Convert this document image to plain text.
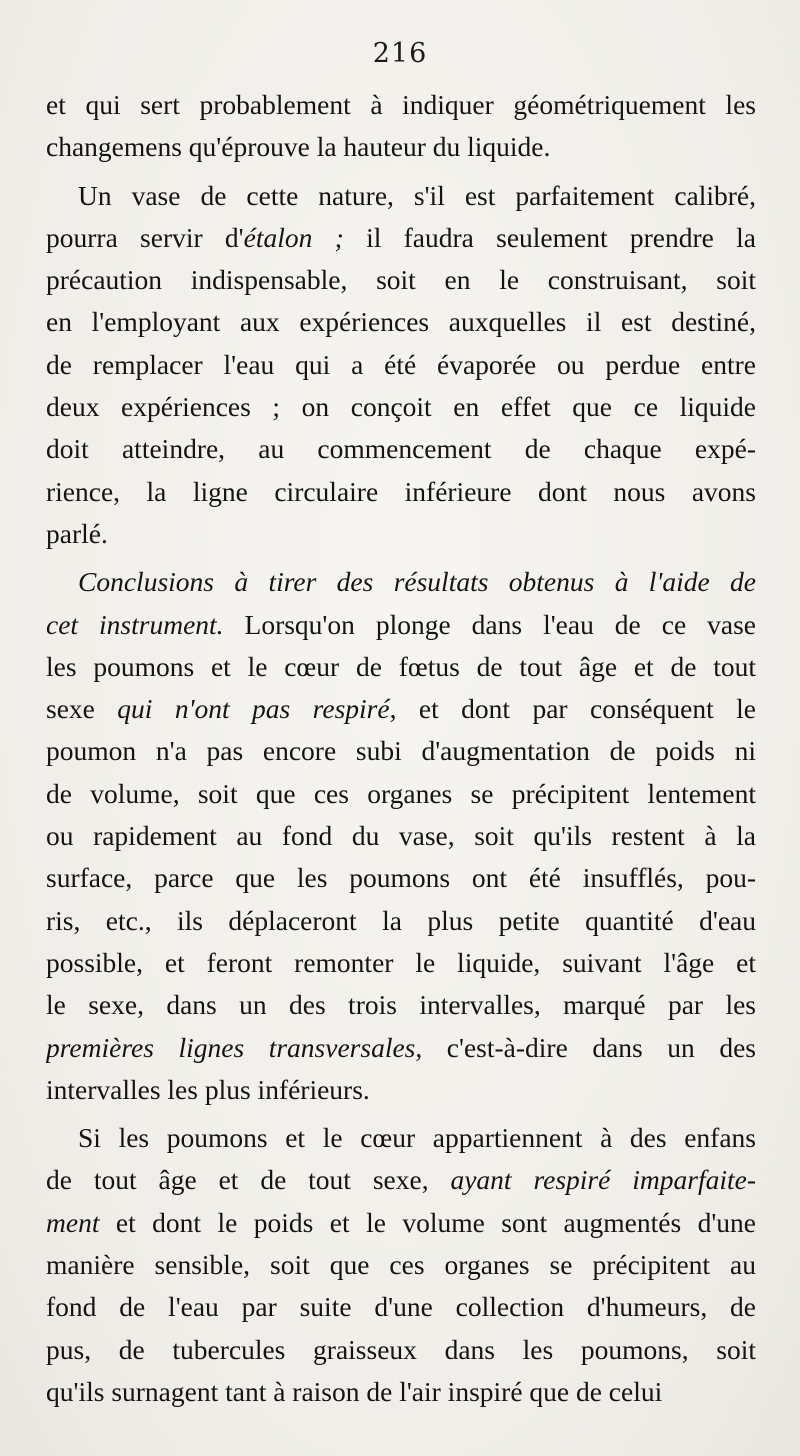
216
et qui sert probablement à indiquer géométriquement les
changemens qu'éprouve la hauteur du liquide.
Un vase de cette nature, s'il est parfaitement calibré,
pourra servir d'étalon ; il faudra seulement prendre la
précaution indispensable, soit en le construisant, soit
en l'employant aux expériences auxquelles il est destiné,
de remplacer l'eau qui a été évaporée ou perdue entre
deux expériences ; on conçoit en effet que ce liquide
doit atteindre, au commencement de chaque expé-
rience, la ligne circulaire inférieure dont nous avons
parlé.
Conclusions à tirer des résultats obtenus à l'aide de
cet instrument. Lorsqu'on plonge dans l'eau de ce vase
les poumons et le cœur de fœtus de tout âge et de tout
sexe qui n'ont pas respiré, et dont par conséquent le
poumon n'a pas encore subi d'augmentation de poids ni
de volume, soit que ces organes se précipitent lentement
ou rapidement au fond du vase, soit qu'ils restent à la
surface, parce que les poumons ont été insufflés, pou-
ris, etc., ils déplaceront la plus petite quantité d'eau
possible, et feront remonter le liquide, suivant l'âge et
le sexe, dans un des trois intervalles, marqué par les
premières lignes transversales, c'est-à-dire dans un des
intervalles les plus inférieurs.
Si les poumons et le cœur appartiennent à des enfans
de tout âge et de tout sexe, ayant respiré imparfaite-
ment et dont le poids et le volume sont augmentés d'une
manière sensible, soit que ces organes se précipitent au
fond de l'eau par suite d'une collection d'humeurs, de
pus, de tubercules graisseux dans les poumons, soit
qu'ils surnagent tant à raison de l'air inspiré que de celui
